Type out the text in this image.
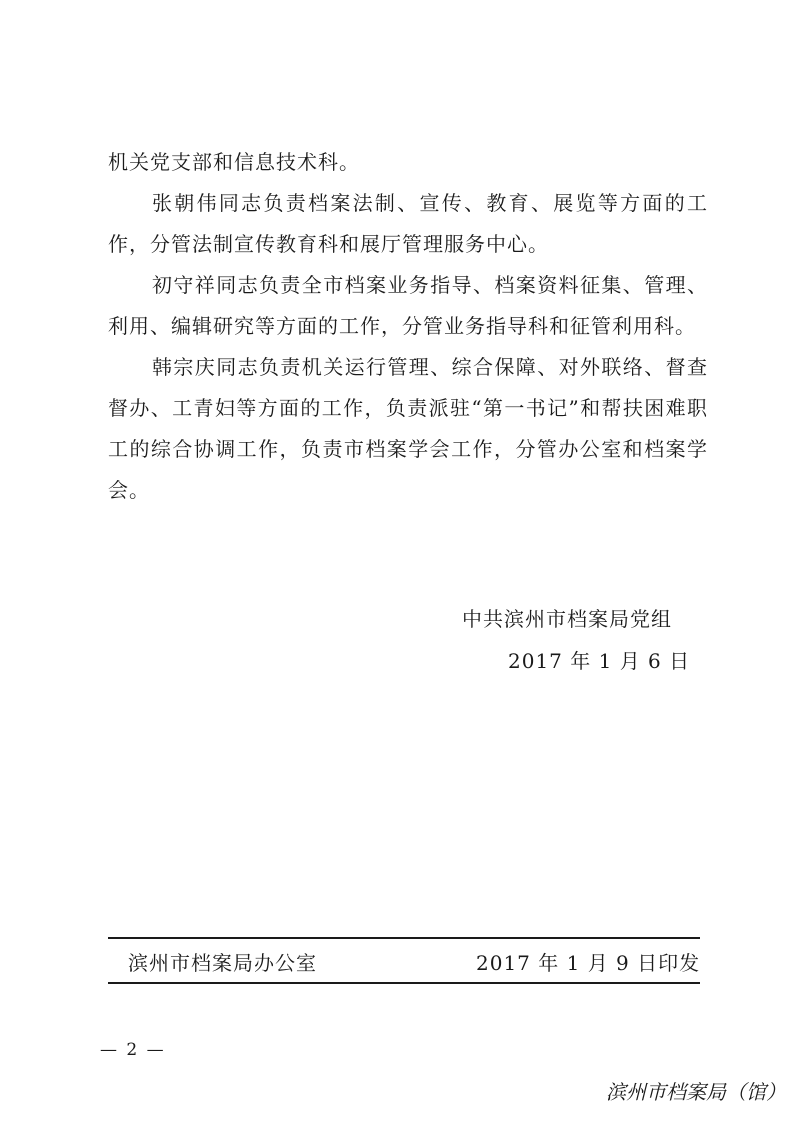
机关党支部和信息技术科。

张朝伟同志负责档案法制、宣传、教育、展览等方面的工作，分管法制宣传教育科和展厅管理服务中心。

初守祥同志负责全市档案业务指导、档案资料征集、管理、利用、编辑研究等方面的工作，分管业务指导科和征管利用科。

韩宗庆同志负责机关运行管理、综合保障、对外联络、督查督办、工青妇等方面的工作，负责派驻“第一书记”和帮扶困难职工的综合协调工作，负责市档案学会工作，分管办公室和档案学会。

中共滨州市档案局党组
2017 年 1 月 6 日
滨州市档案局办公室	2017 年 1 月 9 日印发
— 2 —
滨州市档案局（馆）
